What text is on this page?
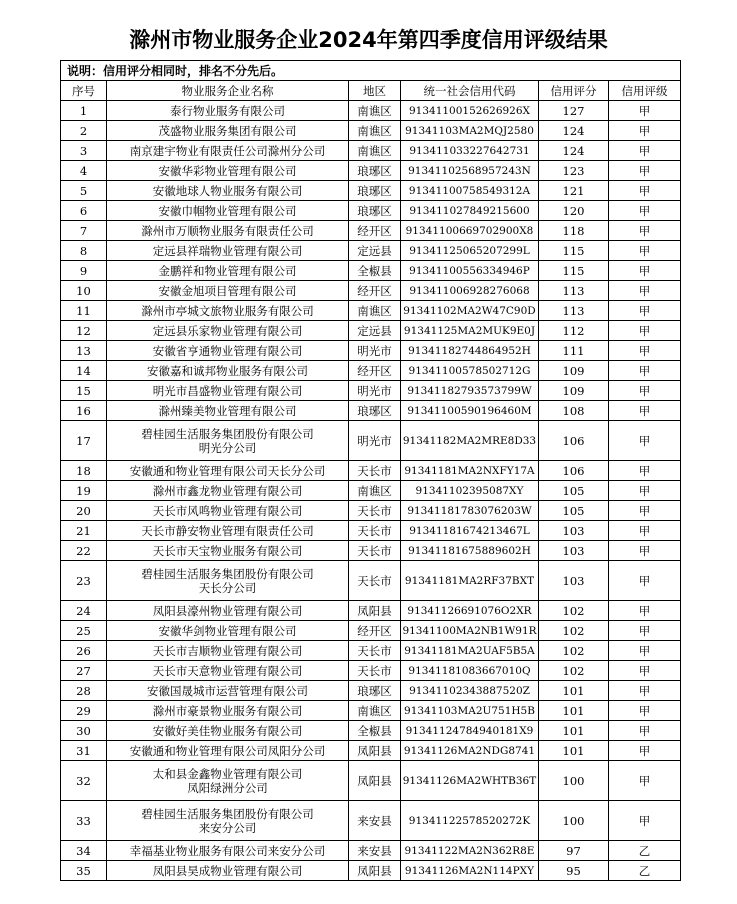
滁州市物业服务企业2024年第四季度信用评级结果
说明：信用评分相同时，排名不分先后。					
序号	物业服务企业名称	地区	统一社会信用代码	信用评分	信用评级
1	泰行物业服务有限公司	南谯区	91341100152626926X	127	甲
2	茂盛物业服务集团有限公司	南谯区	91341103MA2MQJ2580	124	甲
3	南京建宇物业有限责任公司滁州分公司	南谯区	913411033227642731	124	甲
4	安徽华彩物业管理有限公司	琅琊区	91341102568957243N	123	甲
5	安徽地球人物业服务有限公司	琅琊区	91341100758549312A	121	甲
6	安徽巾帼物业管理有限公司	琅琊区	913411027849215600	120	甲
7	滁州市万顺物业服务有限责任公司	经开区	91341100669702900X8	118	甲
8	定远县祥瑞物业管理有限公司	定远县	91341125065207299L	115	甲
9	金鹏祥和物业管理有限公司	全椒县	91341100556334946P	115	甲
10	安徽金旭项目管理有限公司	经开区	913411006928276068	113	甲
11	滁州市亭城文旅物业服务有限公司	南谯区	91341102MA2W47C90D	113	甲
12	定远县乐家物业管理有限公司	定远县	91341125MA2MUK9E0J	112	甲
13	安徽省亨通物业管理有限公司	明光市	91341182744864952H	111	甲
14	安徽嘉和诚邦物业服务有限公司	经开区	91341100578502712G	109	甲
15	明光市昌盛物业管理有限公司	明光市	91341182793573799W	109	甲
16	滁州臻美物业管理有限公司	琅琊区	91341100590196460M	108	甲
17	碧桂园生活服务集团股份有限公司
明光分公司	明光市	91341182MA2MRE8D33	106	甲
18	安徽通和物业管理有限公司天长分公司	天长市	91341181MA2NXFY17A	106	甲
19	滁州市鑫龙物业管理有限公司	南谯区	91341102395087XY	105	甲
20	天长市风鸣物业管理有限公司	天长市	91341181783076203W	105	甲
21	天长市静安物业管理有限责任公司	天长市	91341181674213467L	103	甲
22	天长市天宝物业服务有限公司	天长市	91341181675889602H	103	甲
23	碧桂园生活服务集团股份有限公司
天长分公司	天长市	91341181MA2RF37BXT	103	甲
24	凤阳县濠州物业管理有限公司	凤阳县	91341126691076O2XR	102	甲
25	安徽华剑物业管理有限公司	经开区	91341100MA2NB1W91R	102	甲
26	天长市吉顺物业管理有限公司	天长市	91341181MA2UAF5B5A	102	甲
27	天长市天意物业管理有限公司	天长市	91341181083667010Q	102	甲
28	安徽国晟城市运营管理有限公司	琅琊区	91341102343887520Z	101	甲
29	滁州市豪景物业服务有限公司	南谯区	91341103MA2U751H5B	101	甲
30	安徽好美佳物业服务有限公司	全椒县	91341124784940181X9	101	甲
31	安徽通和物业管理有限公司凤阳分公司	凤阳县	91341126MA2NDG8741	101	甲
32	太和县金鑫物业管理有限公司
凤阳绿洲分公司	凤阳县	91341126MA2WHTB36T	100	甲
33	碧桂园生活服务集团股份有限公司
来安分公司	来安县	91341122578520272K	100	甲
34	幸福基业物业服务有限公司来安分公司	来安县	91341122MA2N362R8E	97	乙
35	凤阳县昊成物业管理有限公司	凤阳县	91341126MA2N114PXY	95	乙
